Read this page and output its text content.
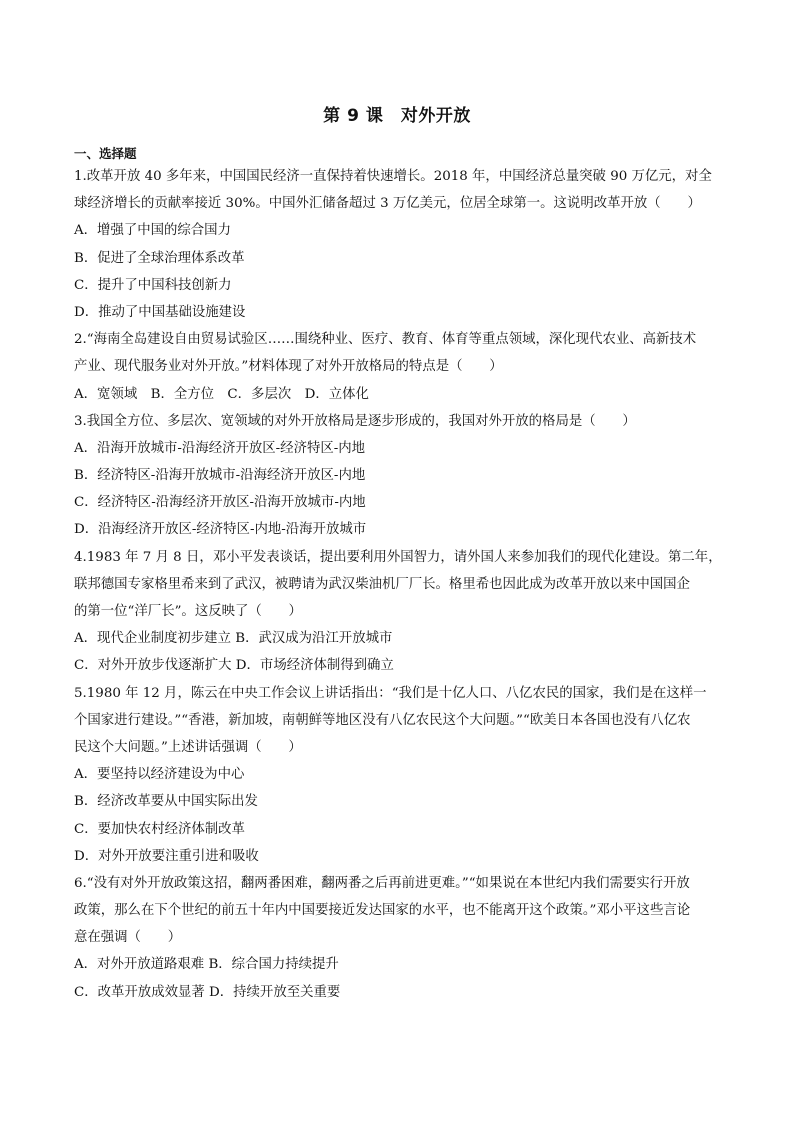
第 9 课　对外开放
一、选择题
1.改革开放 40 多年来，中国国民经济一直保持着快速增长。2018 年，中国经济总量突破 90 万亿元，对全
球经济增长的贡献率接近 30%。中国外汇储备超过 3 万亿美元，位居全球第一。这说明改革开放（　　）
A．增强了中国的综合国力
B．促进了全球治理体系改革
C．提升了中国科技创新力
D．推动了中国基础设施建设
2.“海南全岛建设自由贸易试验区……围绕种业、医疗、教育、体育等重点领域，深化现代农业、高新技术
产业、现代服务业对外开放。”材料体现了对外开放格局的特点是（　　）
A．宽领域　B．全方位　C．多层次　D．立体化
3.我国全方位、多层次、宽领域的对外开放格局是逐步形成的，我国对外开放的格局是（　　）
A．沿海开放城市-沿海经济开放区-经济特区-内地
B．经济特区-沿海开放城市-沿海经济开放区-内地
C．经济特区-沿海经济开放区-沿海开放城市-内地
D．沿海经济开放区-经济特区-内地-沿海开放城市
4.1983 年 7 月 8 日，邓小平发表谈话，提出要利用外国智力，请外国人来参加我们的现代化建设。第二年，
联邦德国专家格里希来到了武汉，被聘请为武汉柴油机厂厂长。格里希也因此成为改革开放以来中国国企
的第一位“洋厂长”。这反映了（　　）
A．现代企业制度初步建立 B．武汉成为沿江开放城市
C．对外开放步伐逐渐扩大 D．市场经济体制得到确立
5.1980 年 12 月，陈云在中央工作会议上讲话指出：“我们是十亿人口、八亿农民的国家，我们是在这样一
个国家进行建设。”“香港，新加坡，南朝鲜等地区没有八亿农民这个大问题。”“欧美日本各国也没有八亿农
民这个大问题。”上述讲话强调（　　）
A．要坚持以经济建设为中心
B．经济改革要从中国实际出发
C．要加快农村经济体制改革
D．对外开放要注重引进和吸收
6.“没有对外开放政策这招，翻两番困难，翻两番之后再前进更难。”“如果说在本世纪内我们需要实行开放
政策，那么在下个世纪的前五十年内中国要接近发达国家的水平，也不能离开这个政策。”邓小平这些言论
意在强调（　　）
A．对外开放道路艰难 B．综合国力持续提升
C．改革开放成效显著 D．持续开放至关重要
